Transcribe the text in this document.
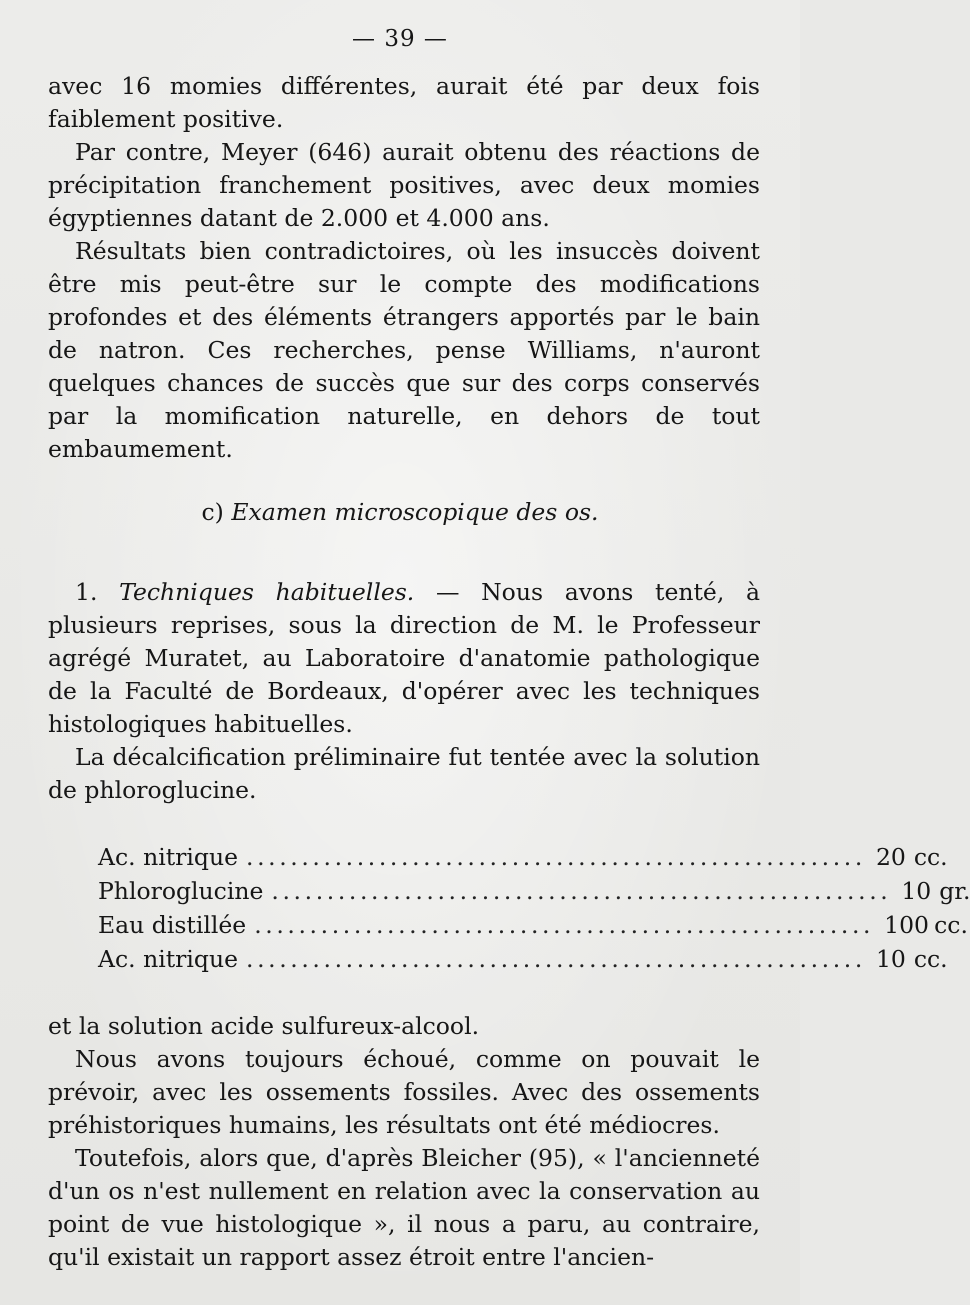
— 39 —

avec 16 momies différentes, aurait été par deux fois faiblement positive.

Par contre, Meyer (646) aurait obtenu des réactions de précipitation franchement positives, avec deux momies égyptiennes datant de 2.000 et 4.000 ans.

Résultats bien contradictoires, où les insuccès doivent être mis peut-être sur le compte des modifications profondes et des éléments étrangers apportés par le bain de natron. Ces recherches, pense Williams, n'auront quelques chances de succès que sur des corps conservés par la momification naturelle, en dehors de tout embaumement.

c) Examen microscopique des os.

1. Techniques habituelles. — Nous avons tenté, à plusieurs reprises, sous la direction de M. le Professeur agrégé Muratet, au Laboratoire d'anatomie pathologique de la Faculté de Bordeaux, d'opérer avec les techniques histologiques habituelles.

La décalcification préliminaire fut tentée avec la solution de phloroglucine.

Ac. nitrique ........................................................ 20 cc.
Phloroglucine ........................................................ 10 gr.
Eau distillée ........................................................ 100 cc.
Ac. nitrique ........................................................ 10 cc.

et la solution acide sulfureux-alcool.

Nous avons toujours échoué, comme on pouvait le prévoir, avec les ossements fossiles. Avec des ossements préhistoriques humains, les résultats ont été médiocres.

Toutefois, alors que, d'après Bleicher (95), « l'ancienneté d'un os n'est nullement en relation avec la conservation au point de vue histologique », il nous a paru, au contraire, qu'il existait un rapport assez étroit entre l'ancien-
